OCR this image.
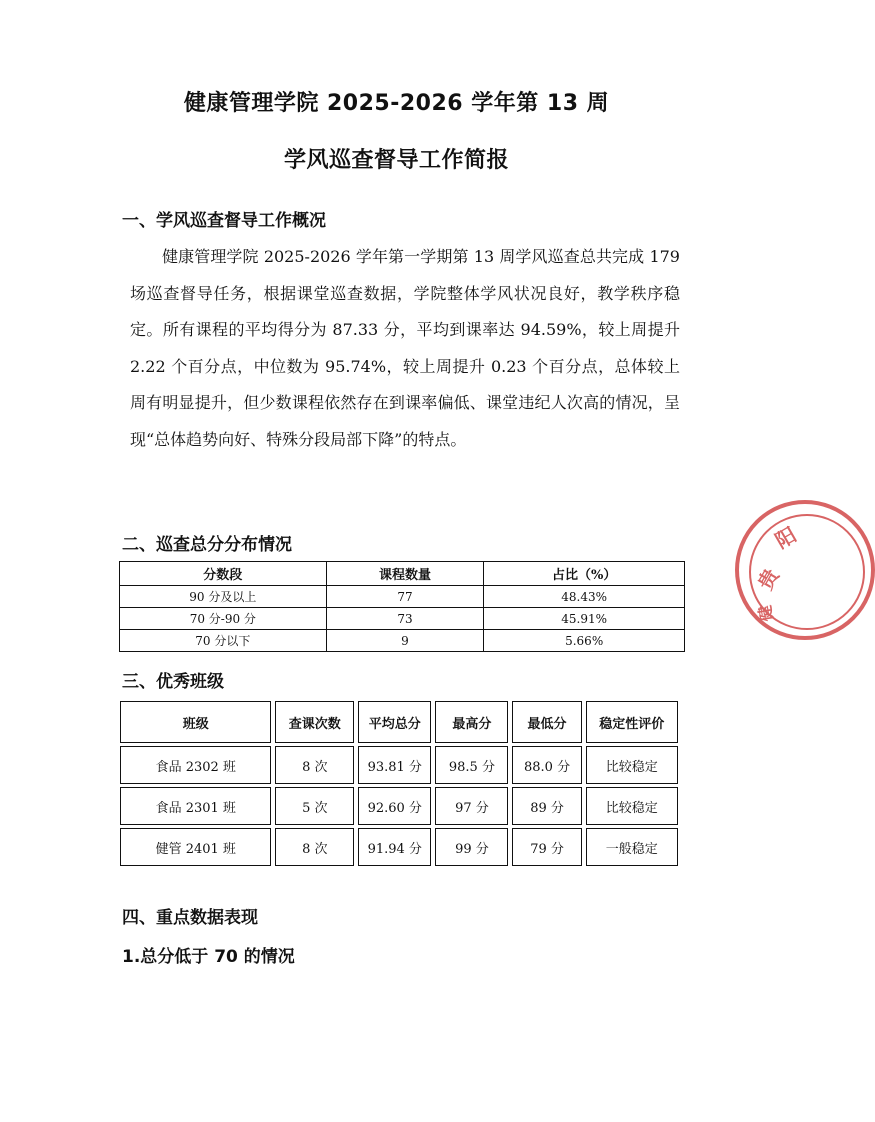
健康管理学院 2025-2026 学年第 13 周
学风巡查督导工作简报
一、学风巡查督导工作概况
健康管理学院 2025-2026 学年第一学期第 13 周学风巡查总共完成 179 场巡查督导任务，根据课堂巡查数据，学院整体学风状况良好，教学秩序稳定。所有课程的平均得分为 87.33 分，平均到课率达 94.59%，较上周提升 2.22 个百分点，中位数为 95.74%，较上周提升 0.23 个百分点，总体较上周有明显提升，但少数课程依然存在到课率偏低、课堂违纪人次高的情况，呈现“总体趋势向好、特殊分段局部下降”的特点。
二、巡查总分分布情况
分数段	课程数量	占比（%）
90 分及以上	77	48.43%
70 分-90 分	73	45.91%
70 分以下	9	5.66%
三、优秀班级
班级	查课次数	平均总分	最高分	最低分	稳定性评价
食品 2302 班	8 次	93.81 分	98.5 分	88.0 分	比较稳定
食品 2301 班	5 次	92.60 分	97 分	89 分	比较稳定
健管 2401 班	8 次	91.94 分	99 分	79 分	一般稳定
四、重点数据表现
1.总分低于 70 的情况
贵
阳
健
